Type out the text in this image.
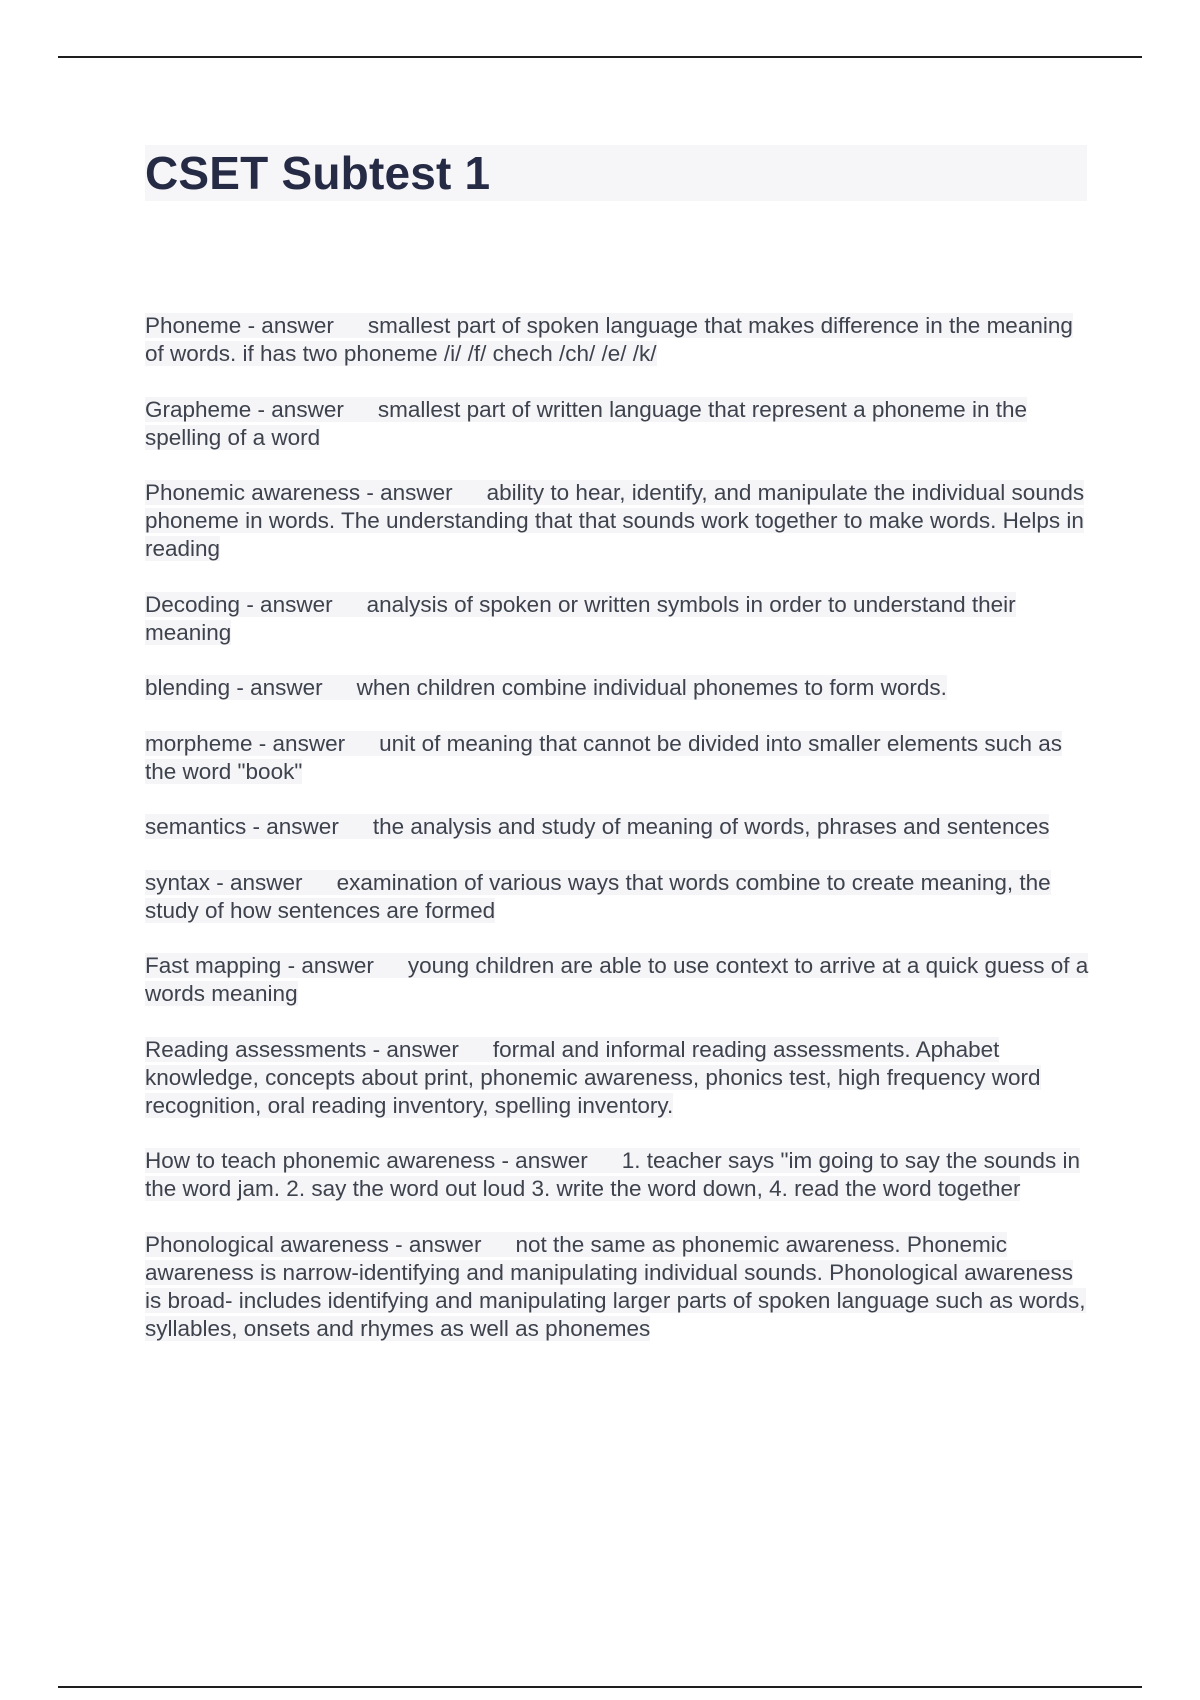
CSET Subtest 1
Phoneme - answer smallest part of spoken language that makes difference in the meaning of words. if has two phoneme /i/ /f/ chech /ch/ /e/ /k/
Grapheme - answer smallest part of written language that represent a phoneme in the spelling of a word
Phonemic awareness - answer ability to hear, identify, and manipulate the individual sounds phoneme in words. The understanding that that sounds work together to make words. Helps in reading
Decoding - answer analysis of spoken or written symbols in order to understand their meaning
blending - answer when children combine individual phonemes to form words.
morpheme - answer unit of meaning that cannot be divided into smaller elements such as the word "book"
semantics - answer the analysis and study of meaning of words, phrases and sentences
syntax - answer examination of various ways that words combine to create meaning, the study of how sentences are formed
Fast mapping - answer young children are able to use context to arrive at a quick guess of a words meaning
Reading assessments - answer formal and informal reading assessments. Aphabet knowledge, concepts about print, phonemic awareness, phonics test, high frequency word recognition, oral reading inventory, spelling inventory.
How to teach phonemic awareness - answer 1. teacher says "im going to say the sounds in the word jam. 2. say the word out loud 3. write the word down, 4. read the word together
Phonological awareness - answer not the same as phonemic awareness. Phonemic awareness is narrow-identifying and manipulating individual sounds. Phonological awareness is broad- includes identifying and manipulating larger parts of spoken language such as words, syllables, onsets and rhymes as well as phonemes
